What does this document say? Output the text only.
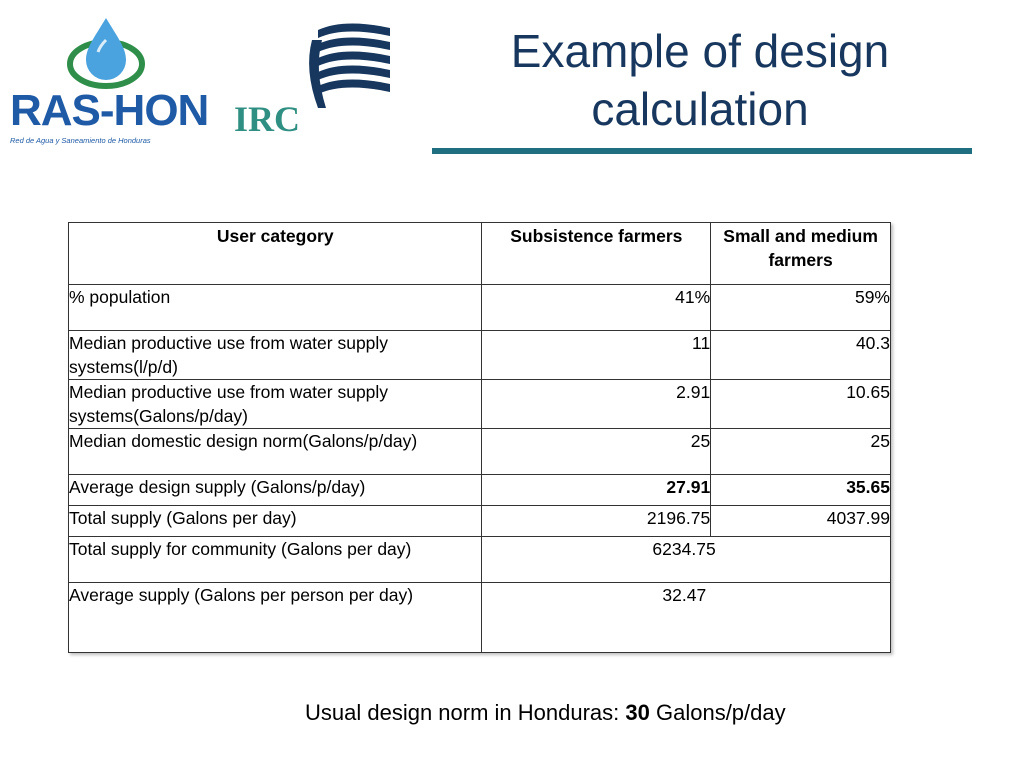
RAS-HON
Red de Agua y Saneamiento de Honduras
IRC
Example of design
calculation
User category	Subsistence farmers	Small and medium farmers
% population	41%	59%
Median productive use from water supply systems(l/p/d)	11	40.3
Median productive use from water supply systems(Galons/p/day)	2.91	10.65
Median domestic design norm(Galons/p/day)	25	25
Average design supply (Galons/p/day)	27.91	35.65
Total supply (Galons per day)	2196.75	4037.99
Total supply for community (Galons per day)	6234.75	
Average supply (Galons per person per day)	32.47	
Usual design norm in Honduras: 30 Galons/p/day
